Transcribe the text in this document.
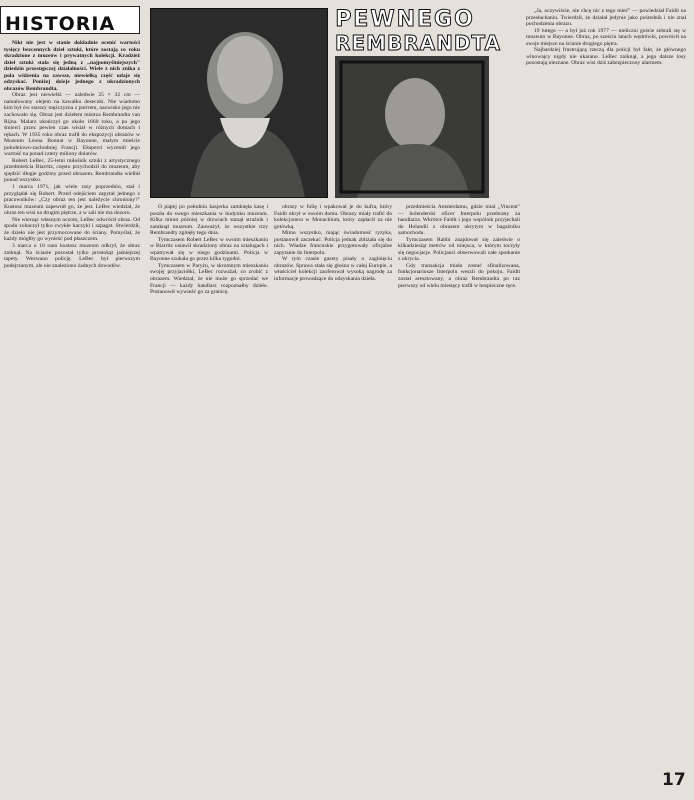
HISTORIA	PEWNEGO
REMBRANDTA

Nikt nie jest w stanie dokładnie ocenić wartości tysięcy bezcennych dzieł sztuki, które zostają co roku skradzione z muzeów i prywatnych kolekcji. Kradzież dzieł sztuki stała się jedną z „najpomyślniejszych" dziedzin przestępczej działalności. Wiele z nich znika z pola widzenia na zawsze, niewielką część udaje się odzyskać. Poniżej dzieje jednego z ukradzionych obrazów Rembrandta.

Obraz jest niewielki — zaledwie 25 × 32 cm — namalowany olejem na kawałku deseczki. Nie wiadomo kim był ów starszy mężczyzna z portretu, nazwisko jego nie zachowało się. Obraz jest dziełem mistrza Rembrandta van Rijna. Malarz ukończył go około 1660 roku, a po jego śmierci przez pewien czas wisiał w różnych domach i rękach. W 1935 roku obraz trafił do ekspozycji obrazów w Muzeum Léona Bonnat w Bayonne, małym mieście południowo-zachodniej Francji. Eksperci wycenili jego wartość na ponad cztery miliony dolarów.

Robert LeBec, 25-letni miłośnik sztuki z artystycznego przedmieścia Biarritz, często przychodził do muzeum, aby spędzić długie godziny przed obrazem. Rembrandta wielbił ponad wszystko.

1 marca 1971, jak wiele razy poprzednio, stał i przyglądał się Robert. Przed odejściem zapytał jednego z pracowników: „Czy obraz ten jest należycie chroniony?" Kustosz muzeum zapewnił go, że jest. LeBec wiedział, że obraz ten wisi na drugim piętrze, a w sali nie ma dozoru.

Nie wierząc własnym oczom, LeBec odwrócił obraz. Od spodu zobaczył tylko zwykłe haczyki i szpagat. Stwierdził, że dzieło nie jest przymocowane do ściany. Pomyślał, że każdy mógłby go wynieść pod płaszczem.

3 marca o 10 rano kustosz muzeum odkrył, że obraz zniknął. Na ścianie pozostał tylko prostokąt jaśniejszej tapety. Wezwano policję. LeBec był pierwszym podejrzanym, ale nie znaleziono żadnych dowodów.

O piątej po południu kasjerka zamknęła kasę i poszła do swego mieszkania w budynku muzeum. Kilka minut później w drzwiach stanął strażnik i zamknął muzeum. Zauważył, że wszystkie trzy Rembrandty zginęły tego dnia.

Tymczasem Robert LeBec w swoim mieszkaniu w Biarritz ustawił skradziony obraz na sztalugach i wpatrywał się w niego godzinami. Policja w Bayonne szukała go przez kilka tygodni.

Tymczasem w Paryżu, w skromnym mieszkaniu swojej przyjaciółki, LeBec rozważał, co zrobić z obrazem. Wiedział, że nie może go sprzedać we Francji — każdy handlarz rozpoznałby dzieło. Postanowił wywieźć go za granicę.

obrazy w folię i wpakował je do kufra, który Faidit ukrył w swoim domu. Obrazy miały trafić do kolekcjonera w Monachium, który zapłacił za nie gotówką.

Mimo wszystko, mając świadomość ryzyka, postanowił zaczekać. Policja jednak zbliżała się do nich. Władze francuskie przygotowały oficjalne zapytanie do Interpolu.

W tym czasie gazety pisały o zaginięciu obrazów. Sprawa stała się głośna w całej Europie, a właściciel kolekcji zaoferował wysoką nagrodę za informacje prowadzące do odzyskania dzieła.

przedmieścia Amsterdamu, gdzie miał „Vincent" — holenderski oficer Interpolu przebrany za handlarza. Wkrótce Faidit i jego wspólnik przyjechali do Holandii z obrazem ukrytym w bagażniku samochodu.

Tymczasem Rabbi znajdował się zaledwie o kilkadziesiąt metrów od miejsca, w którym toczyły się negocjacje. Policjanci obserwowali całe spotkanie z ukrycia.

Gdy transakcja miała zostać sfinalizowana, funkcjonariusze Interpolu weszli do pokoju. Faidit został aresztowany, a obraz Rembrandta po raz pierwszy od wielu miesięcy trafił w bezpieczne ręce.

„Ja, oczywiście, nie chcę nic z tego mieć" — powiedział Faidit na przesłuchaniu. Twierdził, że działał jedynie jako pośrednik i nie znał pochodzenia obrazu.

19 lutego — a był już rok 1977 — nieliczni goście zebrali się w muzeum w Bayonne. Obraz, po sześciu latach wędrówki, powrócił na swoje miejsce na ścianie drugiego piętra.

Najbardziej frustrującą rzeczą dla policji był fakt, że głównego winowajcy nigdy nie ukarano. LeBec zniknął, a jego dalsze losy pozostają nieznane. Obraz wisi dziś zabezpieczony alarmem.

17
